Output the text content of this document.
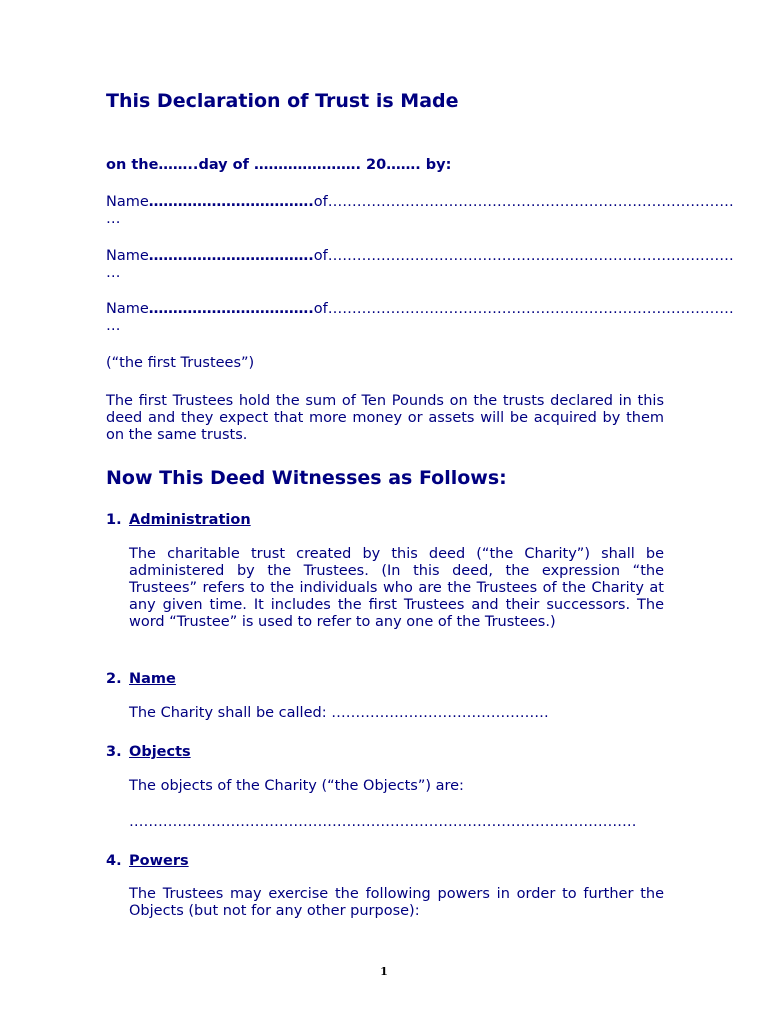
This Declaration of Trust is Made

on the……..day of …………………. 20……. by:

Name…………………………….of…………………………………………………………………………
…

Name…………………………….of…………………………………………………………………………
…

Name…………………………….of…………………………………………………………………………
…

(“the first Trustees”)

The first Trustees hold the sum of Ten Pounds on the trusts declared in this deed and they expect that more money or assets will be acquired by them on the same trusts.

Now This Deed Witnesses as Follows:

1. Administration

The charitable trust created by this deed (“the Charity”) shall be administered by the Trustees. (In this deed, the expression “the Trustees” refers to the individuals who are the Trustees of the Charity at any given time. It includes the first Trustees and their successors. The word “Trustee” is used to refer to any one of the Trustees.)

2. Name

The Charity shall be called: ………………………………………

3. Objects

The objects of the Charity (“the Objects”) are:

……………………………………………………………………………………………

4. Powers

The Trustees may exercise the following powers in order to further the Objects (but not for any other purpose):

1
